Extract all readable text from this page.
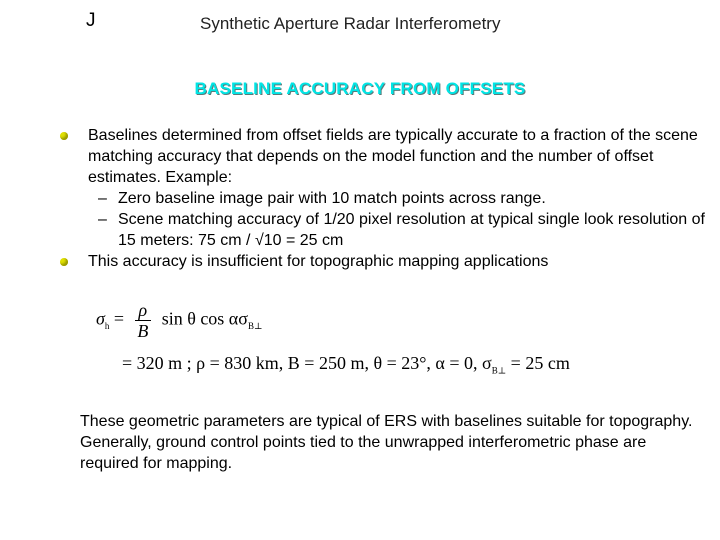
J	Synthetic Aperture Radar Interferometry
BASELINE ACCURACY FROM OFFSETS
Baselines determined from offset fields are typically accurate to a fraction of the scene matching accuracy that depends on the model function and the number of offset estimates. Example:
– Zero baseline image pair with 10 match points across range.
– Scene matching accuracy of 1/20 pixel resolution at typical single look resolution of 15 meters: 75 cm / √10 = 25 cm
This accuracy is insufficient for topographic mapping applications
$\sigma_h = \frac{\rho}{B}$ sin θ $\cos \alpha\sigma_{B\perp}$
= 320 m ; ρ = 830 km, B = 250 m, θ = 23°, α = 0, $\sigma_{B\perp} = 25$ cm
These geometric parameters are typical of ERS with baselines suitable for topography. Generally, ground control points tied to the unwrapped interferometric phase are required for mapping.
